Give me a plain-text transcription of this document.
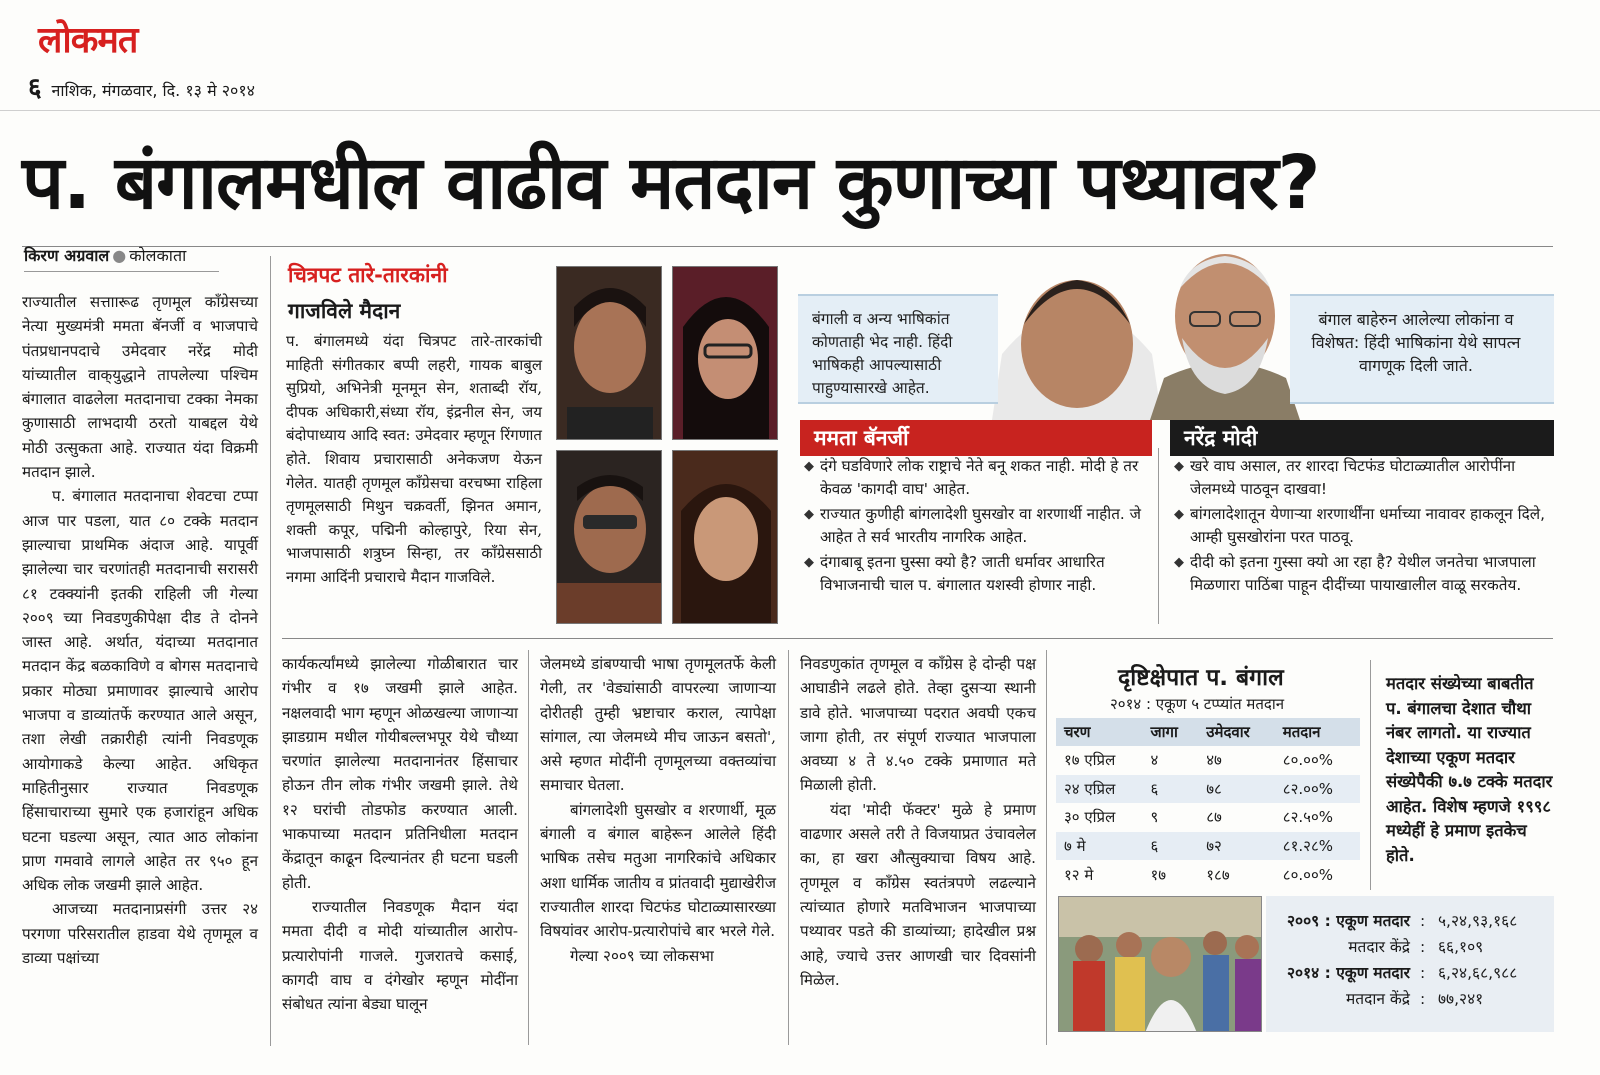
लोकमत
६ नाशिक, मंगळवार, दि. १३ मे २०१४
प. बंगालमधील वाढीव मतदान कुणाच्या पथ्यावर?
किरण अग्रवाल ● कोलकाता

राज्यातील सत्ताारूढ तृणमूल कॉंग्रेसच्या नेत्या मुख्यमंत्री ममता बॅनर्जी व भाजपाचे पंतप्रधानपदाचे उमेदवार नरेंद्र मोदी यांच्यातील वाक्‌युद्धाने तापलेल्या पश्चिम बंगालात वाढलेला मतदानाचा टक्का नेमका कुणासाठी लाभदायी ठरतो याबद्दल येथे मोठी उत्सुकता आहे. राज्यात यंदा विक्रमी मतदान झाले.

प. बंगालात मतदानाचा शेवटचा टप्पा आज पार पडला, यात ८० टक्के मतदान झाल्याचा प्राथमिक अंदाज आहे. यापूर्वी झालेल्या चार चरणांतही मतदानाची सरासरी ८१ टक्क्यांनी इतकी राहिली जी गेल्या २००९ च्या निवडणुकीपेक्षा दीड ते दोनने जास्त आहे. अर्थात, यंदाच्या मतदानात मतदान केंद्र बळकाविणे व बोगस मतदानाचे प्रकार मोठ्या प्रमाणावर झाल्याचे आरोप भाजपा व डाव्यांतर्फे करण्यात आले असून, तशा लेखी तक्रारीही त्यांनी निवडणूक आयोगाकडे केल्या आहेत. अधिकृत माहितीनुसार राज्यात निवडणूक हिंसाचाराच्या सुमारे एक हजारांहून अधिक घटना घडल्या असून, त्यात आठ लोकांना प्राण गमवावे लागले आहेत तर ९५० हून अधिक लोक जखमी झाले आहेत.

आजच्या मतदानाप्रसंगी उत्तर २४ परगणा परिसरातील हाडवा येथे तृणमूल व डाव्या पक्षांच्या

चित्रपट तारे-तारकांनी
गाजविले मैदान

प. बंगालमध्ये यंदा चित्रपट तारे-तारकांची माहिती संगीतकार बप्पी लहरी, गायक बाबुल सुप्रियो, अभिनेत्री मूनमून सेन, शताब्दी रॉय, दीपक अधिकारी,संध्या रॉय, इंद्रनील सेन, जय बंदोपाध्याय आदि स्वत: उमेदवार म्हणून रिंगणात होते. शिवाय प्रचारासाठी अनेकजण येऊन गेलेत. यातही तृणमूल कॉंग्रेसचा वरचष्मा राहिला तृणमूलसाठी मिथुन चक्रवर्ती, झिनत अमान, शक्ती कपूर, पद्मिनी कोल्हापुरे, रिया सेन, भाजपासाठी शत्रुघ्न सिन्हा, तर कॉंग्रेससाठी नगमा आदिंनी प्रचाराचे मैदान गाजविले.

बंगाली व अन्य भाषिकांत कोणताही भेद नाही. हिंदी भाषिकही आपल्यासाठी पाहुण्यासारखे आहेत.
बंगाल बाहेरुन आलेल्या लोकांना व विशेषत: हिंदी भाषिकांना येथे सापत्न वागणूक दिली जाते.
ममता बॅनर्जी	नरेंद्र मोदी
◆ दंगे घडविणारे लोक राष्ट्राचे नेते बनू शकत नाही. मोदी हे तर केवळ 'कागदी वाघ' आहेत.
◆ राज्यात कुणीही बांगलादेशी घुसखोर वा शरणार्थी नाहीत. जे आहेत ते सर्व भारतीय नागरिक आहेत.
◆ दंगाबाबू इतना घुस्सा क्यो है? जाती धर्मावर आधारित विभाजनाची चाल प. बंगालात यशस्वी होणार नाही.
◆ खरे वाघ असाल, तर शारदा चिटफंड घोटाळ्यातील आरोपींना जेलमध्ये पाठवून दाखवा!
◆ बांगलादेशातून येणाऱ्या शरणार्थींना धर्माच्या नावावर हाकलून दिले, आम्ही घुसखोरांना परत पाठवू.
◆ दीदी को इतना गुस्सा क्यो आ रहा है? येथील जनतेचा भाजपाला मिळणारा पाठिंबा पाहून दीदींच्या पायाखालील वाळू सरकतेय.

कार्यकर्त्यांमध्ये झालेल्या गोळीबारात चार गंभीर व १७ जखमी झाले आहेत. नक्षलवादी भाग म्हणून ओळखल्या जाणाऱ्या झाडग्राम मधील गोयीबल्लभपूर येथे चौथ्या चरणांत झालेल्या मतदानानंतर हिंसाचार होऊन तीन लोक गंभीर जखमी झाले. तेथे १२ घरांची तोडफोड करण्यात आली. भाकपाच्या मतदान प्रतिनिधीला मतदान केंद्रातून काढून दिल्यानंतर ही घटना घडली होती.

राज्यातील निवडणूक मैदान यंदा ममता दीदी व मोदी यांच्यातील आरोप-प्रत्यारोपांनी गाजले. गुजरातचे कसाई, कागदी वाघ व दंगेखोर म्हणून मोदींना संबोधत त्यांना बेड्या घालून

जेलमध्ये डांबण्याची भाषा तृणमूलतर्फे केली गेली, तर 'वेड्यांसाठी वापरल्या जाणाऱ्या दोरीतही तुम्ही भ्रष्टाचार कराल, त्यापेक्षा सांगाल, त्या जेलमध्ये मीच जाऊन बसतो', असे म्हणत मोदींनी तृणमूलच्या वक्तव्यांचा समाचार घेतला.

बांगलादेशी घुसखोर व शरणार्थी, मूळ बंगाली व बंगाल बाहेरून आलेले हिंदी भाषिक तसेच मतुआ नागरिकांचे अधिकार अशा धार्मिक जातीय व प्रांतवादी मुद्याखेरीज राज्यातील शारदा चिटफंड घोटाळ्यासारख्या विषयांवर आरोप-प्रत्यारोपांचे बार भरले गेले.

गेल्या २००९ च्या लोकसभा

निवडणुकांत तृणमूल व कॉंग्रेस हे दोन्ही पक्ष आघाडीने लढले होते. तेव्हा दुसऱ्या स्थानी डावे होते. भाजपाच्या पदरात अवघी एकच जागा होती, तर संपूर्ण राज्यात भाजपाला अवघ्या ४ ते ४.५० टक्के प्रमाणात मते मिळाली होती.

यंदा 'मोदी फॅक्टर' मुळे हे प्रमाण वाढणार असले तरी ते विजयाप्रत उंचावलेल का, हा खरा औत्सुक्याचा विषय आहे. तृणमूल व कॉंग्रेस स्वतंत्रपणे लढल्याने त्यांच्यात होणारे मतविभाजन भाजपाच्या पथ्यावर पडते की डाव्यांच्या; हादेखील प्रश्न आहे, ज्याचे उत्तर आणखी चार दिवसांनी मिळेल.

दृष्टिक्षेपात प. बंगाल
२०१४ : एकूण ५ टप्प्यांत मतदान
चरण	जागा	उमेदवार	मतदान
१७ एप्रिल	४	४७	८०.००%
२४ एप्रिल	६	७८	८२.००%
३० एप्रिल	९	८७	८२.५०%
७ मे	६	७२	८१.२८%
१२ मे	१७	१८७	८०.००%
मतदार संख्येच्या बाबतीत प. बंगालचा देशात चौथा नंबर लागतो. या राज्यात देशाच्या एकूण मतदार संख्येपैकी ७.७ टक्के मतदार आहेत. विशेष म्हणजे १९९८ मध्येहीं हे प्रमाण इतकेच होते.
२००९ : एकूण मतदार : ५,२४,९३,१६८
मतदार केंद्रे : ६६,१०९
२०१४ : एकूण मतदार : ६,२४,६८,९८८
मतदान केंद्रे : ७७,२४१
